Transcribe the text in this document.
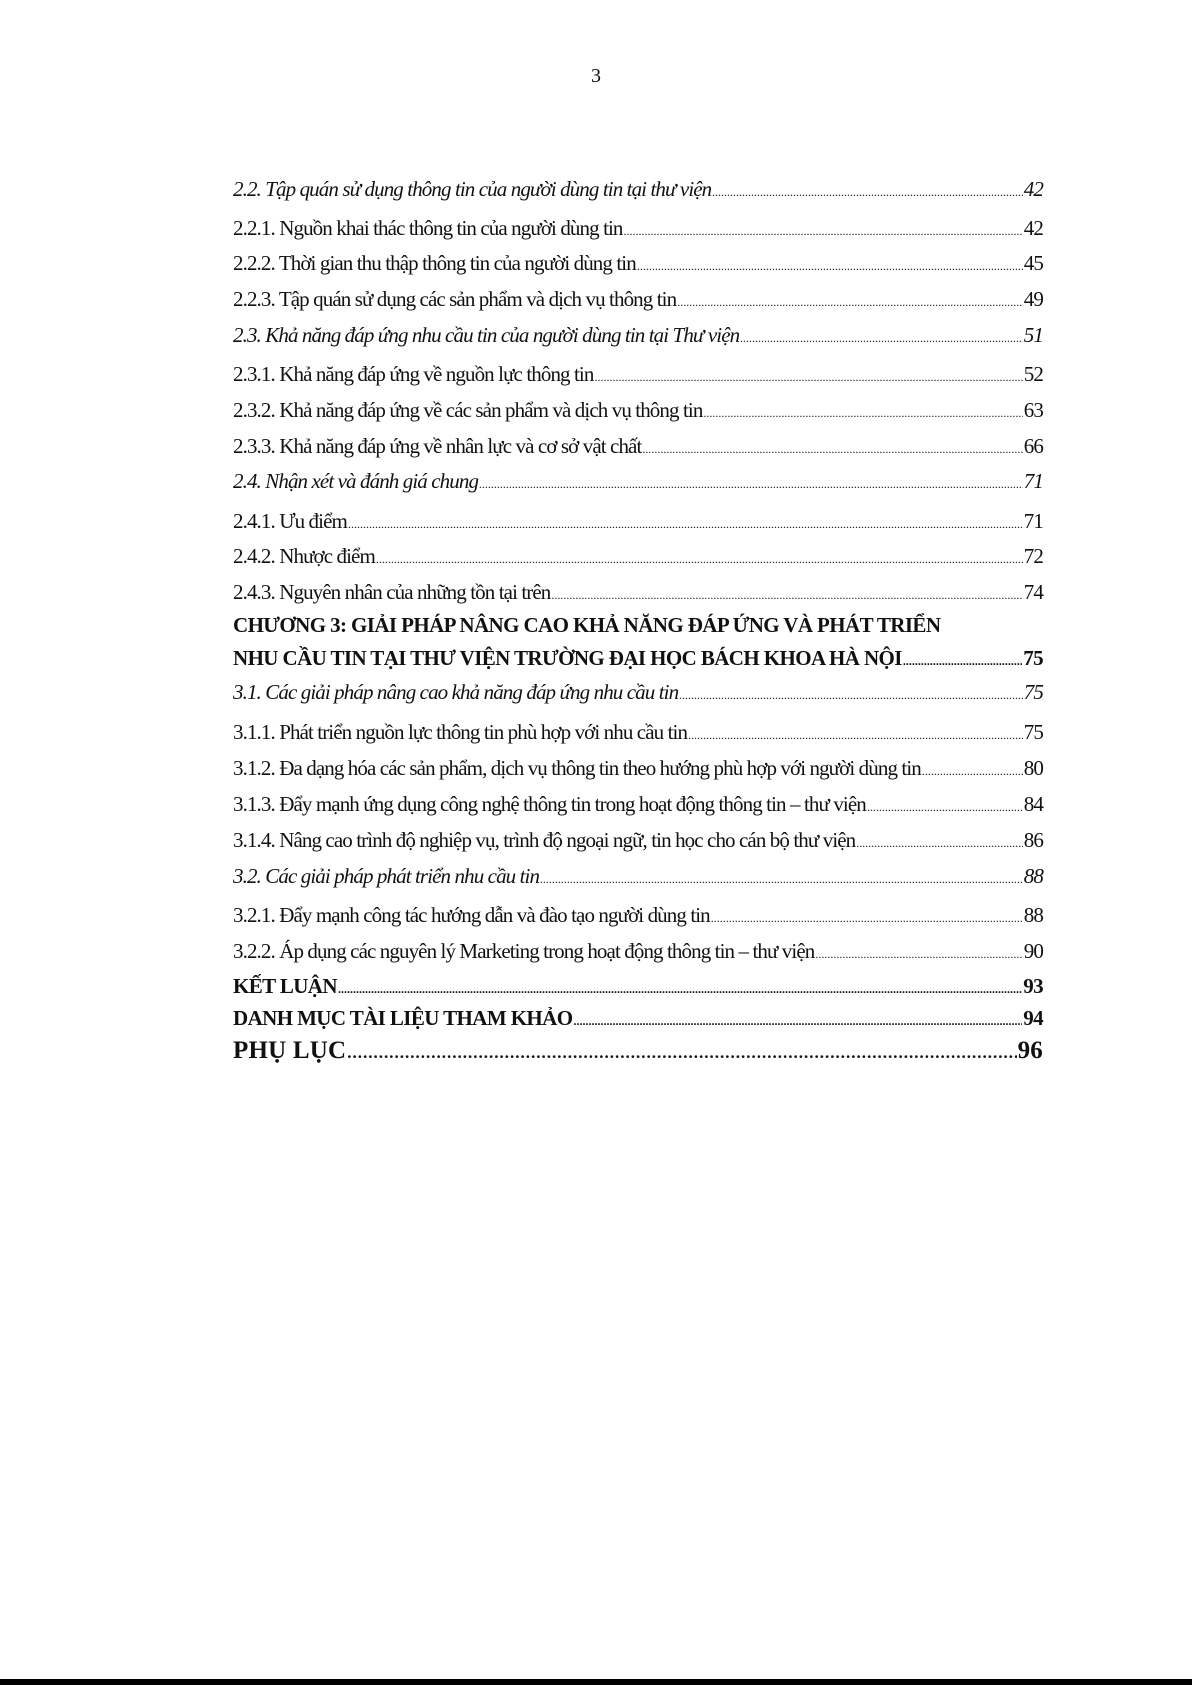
3
2.2. Tập quán sử dụng thông tin của người dùng tin tại thư viện .....	42
2.2.1. Nguồn khai thác thông tin của người dùng tin .....	42
2.2.2. Thời gian thu thập thông tin của người dùng tin .....	45
2.2.3. Tập quán sử dụng các sản phẩm và dịch vụ thông tin .....	49
2.3. Khả năng đáp ứng nhu cầu tin của người dùng tin tại Thư viện .....	51
2.3.1. Khả năng đáp ứng về nguồn lực thông tin .....	52
2.3.2. Khả năng đáp ứng về các sản phẩm và dịch vụ thông tin .....	63
2.3.3. Khả năng đáp ứng về nhân lực và cơ sở vật chất .....	66
2.4. Nhận xét và đánh giá chung .....	71
2.4.1. Ưu điểm .....	71
2.4.2. Nhược điểm .....	72
2.4.3. Nguyên nhân của những tồn tại trên .....	74
CHƯƠNG 3: GIẢI PHÁP NÂNG CAO KHẢ NĂNG ĐÁP ỨNG VÀ PHÁT TRIỂN
NHU CẦU TIN TẠI THƯ VIỆN TRƯỜNG ĐẠI HỌC BÁCH KHOA HÀ NỘI .....	75
3.1. Các giải pháp nâng cao khả năng đáp ứng nhu cầu tin .....	75
3.1.1. Phát triển nguồn lực thông tin phù hợp với nhu cầu tin .....	75
3.1.2. Đa dạng hóa các sản phẩm, dịch vụ thông tin theo hướng phù hợp với người dùng tin .....	80
3.1.3. Đẩy mạnh ứng dụng công nghệ thông tin trong hoạt động thông tin – thư viện .....	84
3.1.4. Nâng cao trình độ nghiệp vụ, trình độ ngoại ngữ, tin học cho cán bộ thư viện .....	86
3.2. Các giải pháp phát triển nhu cầu tin .....	88
3.2.1. Đẩy mạnh công tác hướng dẫn và đào tạo người dùng tin .....	88
3.2.2. Áp dụng các nguyên lý Marketing trong hoạt động thông tin – thư viện .....	90
KẾT LUẬN .....	93
DANH MỤC TÀI LIỆU THAM KHẢO .....	94
PHỤ LỤC .....	96
